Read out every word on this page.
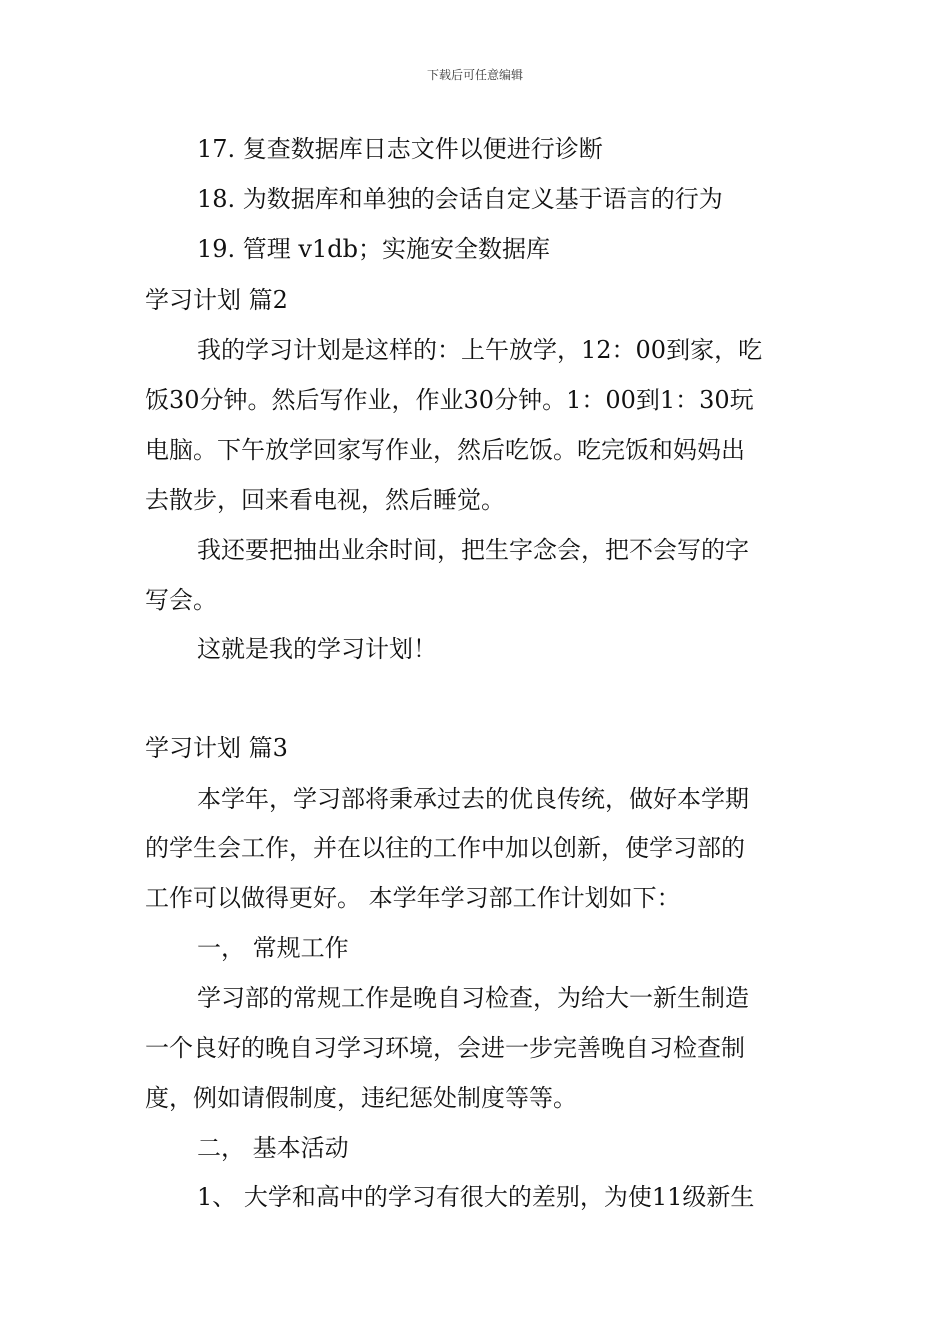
下载后可任意编辑
17. 复查数据库日志文件以便进行诊断
18. 为数据库和单独的会话自定义基于语言的行为
19. 管理 v1db；实施安全数据库
学习计划 篇2
我的学习计划是这样的：上午放学，12：00到家，吃
饭30分钟。然后写作业，作业30分钟。1：00到1：30玩
电脑。下午放学回家写作业，然后吃饭。吃完饭和妈妈出
去散步，回来看电视，然后睡觉。
我还要把抽出业余时间，把生字念会，把不会写的字
写会。
这就是我的学习计划！
学习计划 篇3
本学年，学习部将秉承过去的优良传统，做好本学期
的学生会工作，并在以往的工作中加以创新，使学习部的
工作可以做得更好。 本学年学习部工作计划如下：
一， 常规工作
学习部的常规工作是晚自习检查，为给大一新生制造
一个良好的晚自习学习环境，会进一步完善晚自习检查制
度，例如请假制度，违纪惩处制度等等。
二， 基本活动
1、 大学和高中的学习有很大的差别，为使11级新生
